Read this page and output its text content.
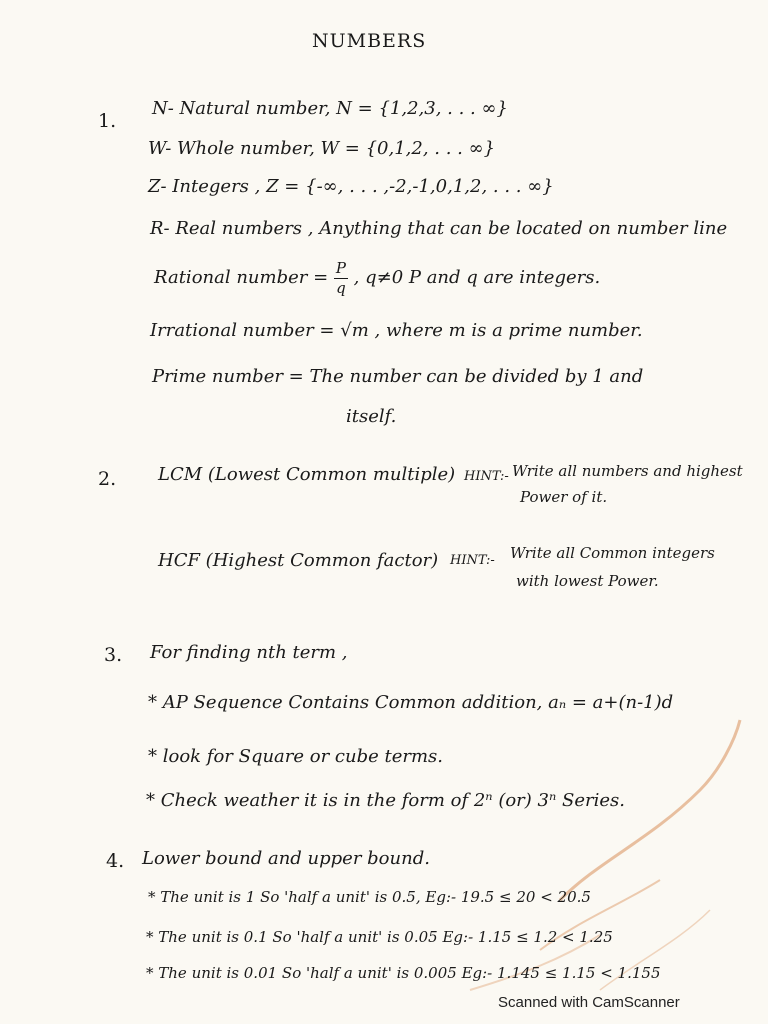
NUMBERS
1.
N- Natural number, N = {1,2,3, . . . ∞}
W- Whole number, W = {0,1,2, . . . ∞}
Z- Integers , Z = {-∞, . . . ,-2,-1,0,1,2, . . . ∞}
R- Real numbers , Anything that can be located on number line
Rational number = $\frac{P}{q}$ , q≠0 P and q are integers.
Irrational number = √m , where m is a prime number.
Prime number = The number can be divided by 1 and
itself.
2. LCM (Lowest Common multiple) HINT:- Write all numbers and highest
Power of it.
HCF (Highest Common factor) HINT:- Write all Common integers
with lowest Power.
3. For finding nth term ,
* AP Sequence Contains Common addition, aₙ = a+(n-1)d
* look for Square or cube terms.
* Check weather it is in the form of 2ⁿ (or) 3ⁿ Series.
4. Lower bound and upper bound.
* The unit is 1 So 'half a unit' is 0.5, Eg:- 19.5 ≤ 20 < 20.5
* The unit is 0.1 So 'half a unit' is 0.05 Eg:- 1.15 ≤ 1.2 < 1.25
* The unit is 0.01 So 'half a unit' is 0.005 Eg:- 1.145 ≤ 1.15 < 1.155
Scanned with CamScanner
